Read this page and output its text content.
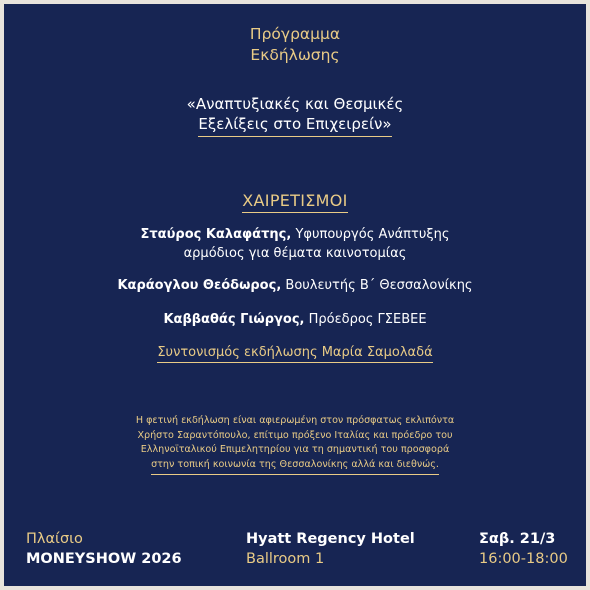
Πρόγραμμα
Εκδήλωσης
«Αναπτυξιακές και Θεσμικές
Εξελίξεις στο Επιχειρείν»
ΧΑΙΡΕΤΙΣΜΟΙ
Σταύρος Καλαφάτης, Υφυπουργός Ανάπτυξης
αρμόδιος για θέματα καινοτομίας
Καράογλου Θεόδωρος, Βουλευτής Β΄ Θεσσαλονίκης
Καββαθάς Γιώργος, Πρόεδρος ΓΣΕΒΕΕ
Συντονισμός εκδήλωσης Μαρία Σαμολαδά
Η φετινή εκδήλωση είναι αφιερωμένη στον πρόσφατως εκλιπόντα
Χρήστο Σαραντόπουλο, επίτιμο πρόξενο Ιταλίας και πρόεδρο του
Ελληνοϊταλικού Επιμελητηρίου για τη σημαντική του προσφορά
στην τοπική κοινωνία της Θεσσαλονίκης αλλά και διεθνώς.
Πλαίσιο
MONEYSHOW 2026
Hyatt Regency Hotel
Ballroom 1
Σαβ. 21/3
16:00-18:00
